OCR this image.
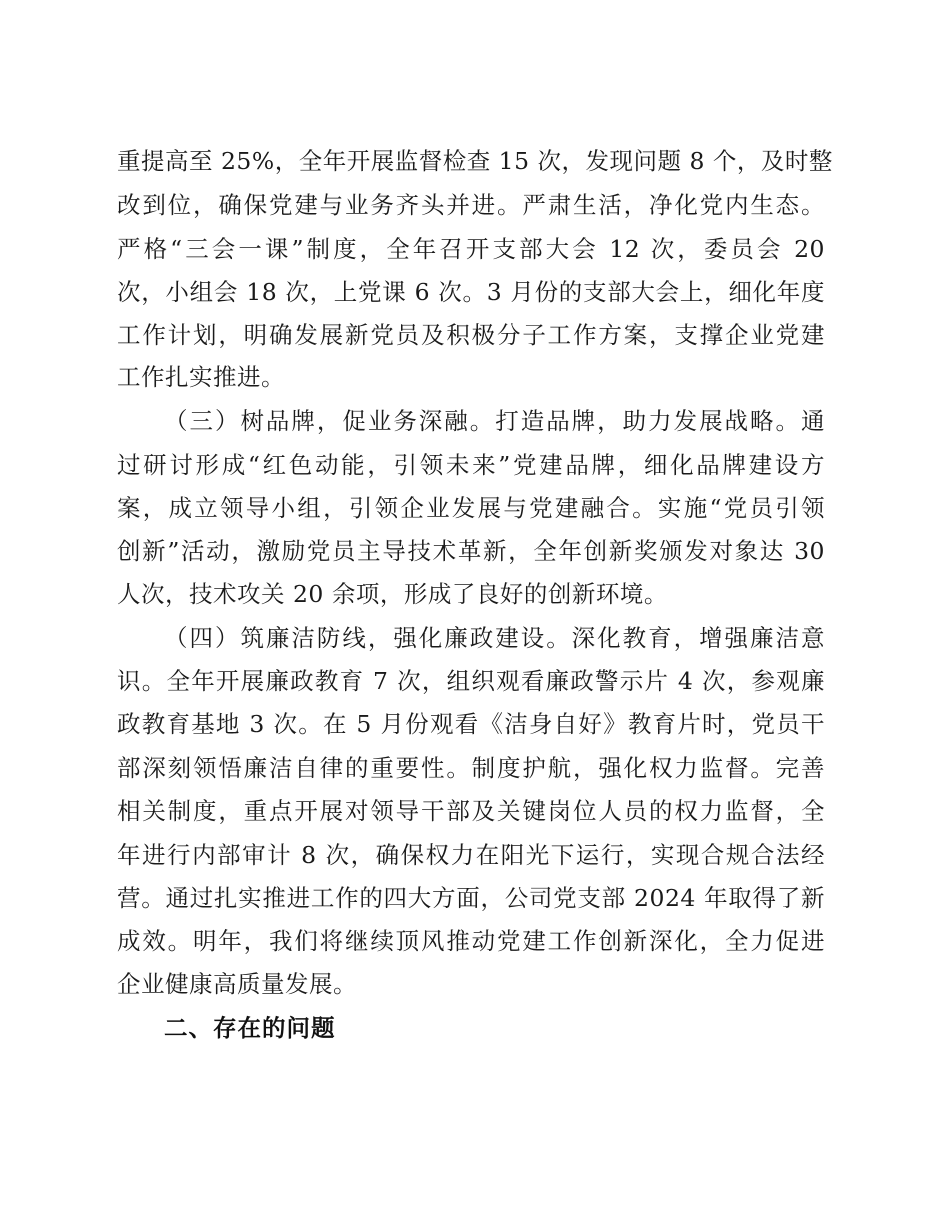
重提高至 25%，全年开展监督检查 15 次，发现问题 8 个，及时整
改到位，确保党建与业务齐头并进。严肃生活，净化党内生态。
严格“三会一课”制度，全年召开支部大会 12 次，委员会 20
次，小组会 18 次，上党课 6 次。3 月份的支部大会上，细化年度
工作计划，明确发展新党员及积极分子工作方案，支撑企业党建
工作扎实推进。
（三）树品牌，促业务深融。打造品牌，助力发展战略。通
过研讨形成“红色动能，引领未来”党建品牌，细化品牌建设方
案，成立领导小组，引领企业发展与党建融合。实施“党员引领
创新”活动，激励党员主导技术革新，全年创新奖颁发对象达 30
人次，技术攻关 20 余项，形成了良好的创新环境。
（四）筑廉洁防线，强化廉政建设。深化教育，增强廉洁意
识。全年开展廉政教育 7 次，组织观看廉政警示片 4 次，参观廉
政教育基地 3 次。在 5 月份观看《洁身自好》教育片时，党员干
部深刻领悟廉洁自律的重要性。制度护航，强化权力监督。完善
相关制度，重点开展对领导干部及关键岗位人员的权力监督，全
年进行内部审计 8 次，确保权力在阳光下运行，实现合规合法经
营。通过扎实推进工作的四大方面，公司党支部 2024 年取得了新
成效。明年，我们将继续顶风推动党建工作创新深化，全力促进
企业健康高质量发展。
二、存在的问题
